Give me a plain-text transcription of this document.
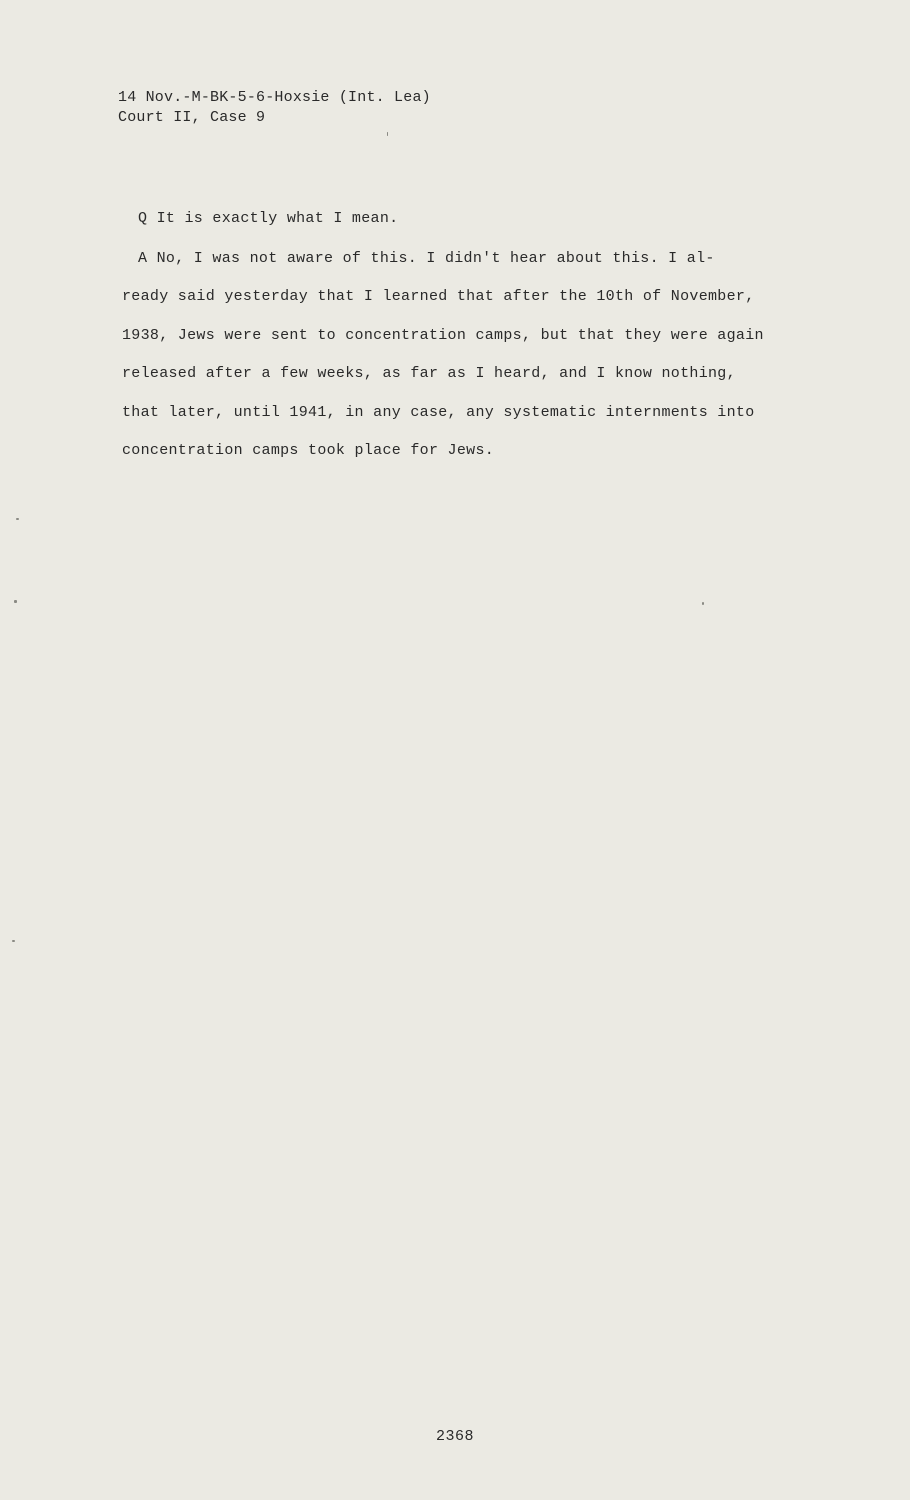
14 Nov.-M-BK-5-6-Hoxsie (Int. Lea)
Court II, Case 9
Q It is exactly what I mean.
A No, I was not aware of this. I didn't hear about this. I al-
ready said yesterday that I learned that after the 10th of November,
1938, Jews were sent to concentration camps, but that they were again
released after a few weeks, as far as I heard, and I know nothing,
that later, until 1941, in any case, any systematic internments into
concentration camps took place for Jews.
2368
